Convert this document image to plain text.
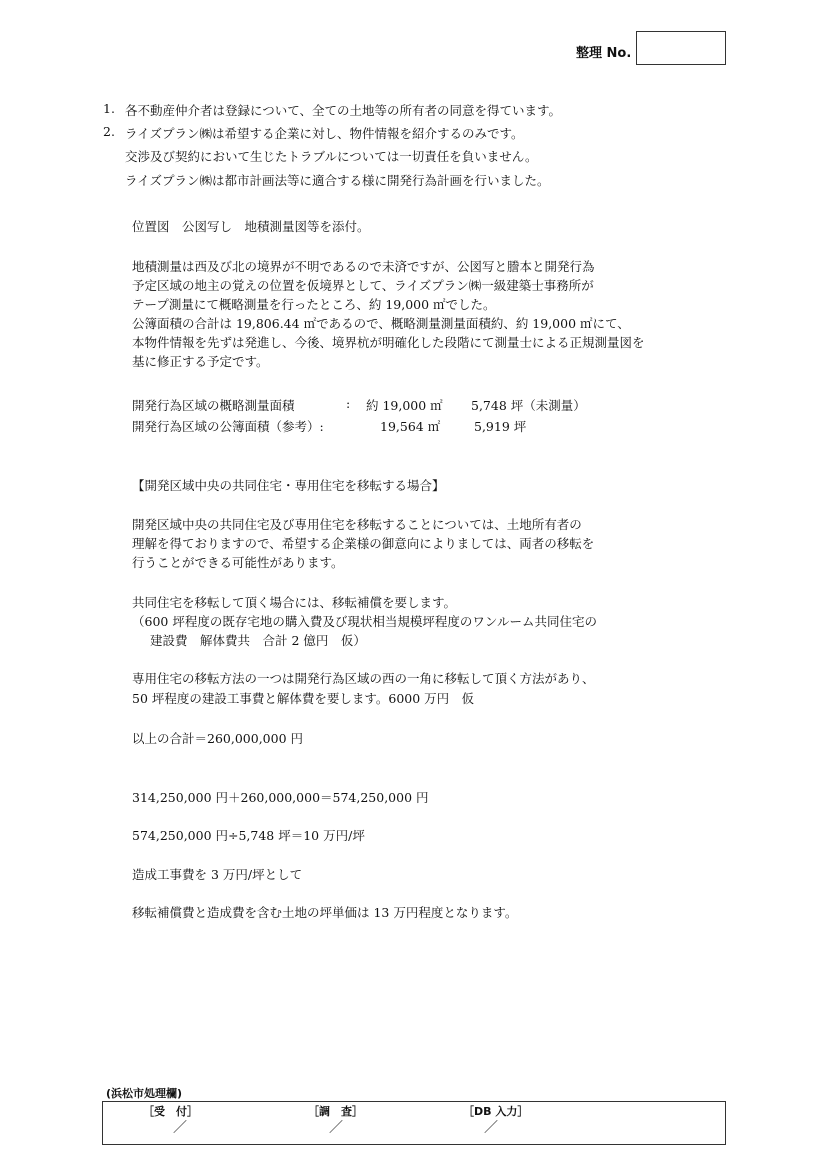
整理 No.
1. 各不動産仲介者は登録について、全ての土地等の所有者の同意を得ています。
2. ライズプラン㈱は希望する企業に対し、物件情報を紹介するのみです。
交渉及び契約において生じたトラブルについては一切責任を負いません。
ライズプラン㈱は都市計画法等に適合する様に開発行為計画を行いました。
位置図　公図写し　地積測量図等を添付。
地積測量は西及び北の境界が不明であるので未済ですが、公図写と謄本と開発行為
予定区域の地主の覚えの位置を仮境界として、ライズプラン㈱一級建築士事務所が
テープ測量にて概略測量を行ったところ、約 19,000 ㎡でした。
公簿面積の合計は 19,806.44 ㎡であるので、概略測量測量面積約、約 19,000 ㎡にて、
本物件情報を先ずは発進し、今後、境界杭が明確化した段階にて測量士による正規測量図を
基に修正する予定です。
開発行為区域の概略測量面積	: 約 19,000 ㎡ 5,748 坪（未測量）
開発行為区域の公簿面積（参考）:	19,564 ㎡	5,919 坪
【開発区域中央の共同住宅・専用住宅を移転する場合】
開発区域中央の共同住宅及び専用住宅を移転することについては、土地所有者の
理解を得ておりますので、希望する企業様の御意向によりましては、両者の移転を
行うことができる可能性があります。
共同住宅を移転して頂く場合には、移転補償を要します。
（600 坪程度の既存宅地の購入費及び現状相当規模坪程度のワンルーム共同住宅の
建設費　解体費共　合計 2 億円　仮）
専用住宅の移転方法の一つは開発行為区域の西の一角に移転して頂く方法があり、
50 坪程度の建設工事費と解体費を要します。6000 万円　仮
以上の合計＝260,000,000 円
314,250,000 円＋260,000,000＝574,250,000 円
574,250,000 円÷5,748 坪＝10 万円/坪
造成工事費を 3 万円/坪として
移転補償費と造成費を含む土地の坪単価は 13 万円程度となります。
(浜松市処理欄)
［受　付］
／
［調　査］
／
［DB 入力］
／
